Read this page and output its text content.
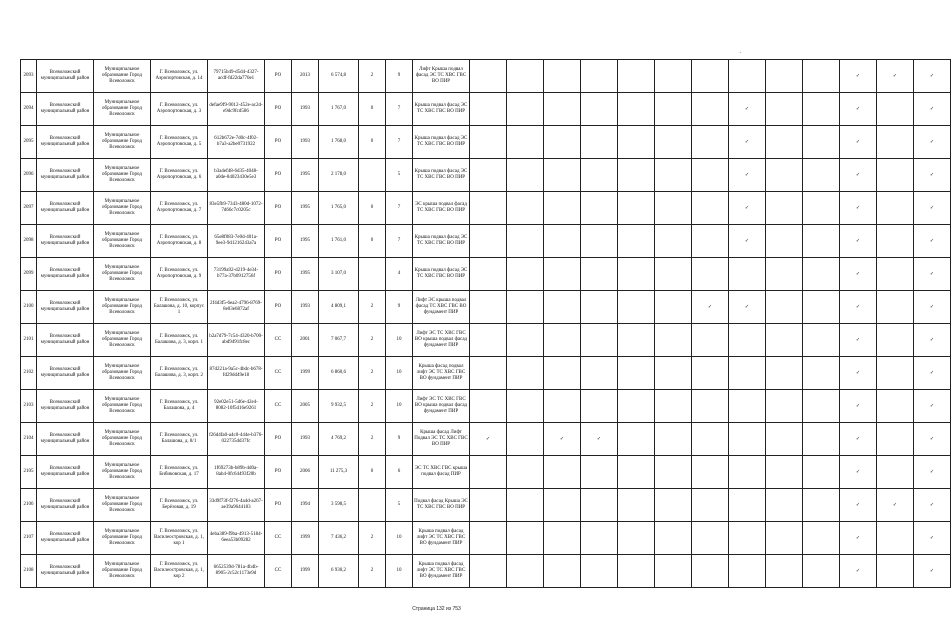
.
2093	Всеволожский муниципальный район	Муниципальное образование Город Всеволожск	Г. Всеволожск, ул. Аэропортовская, д. 14	79715b49-d5d4-4327-acdf-fd22da770e1	РО	2013	6 574,8	2	9	Лифт Крыша подвал фасад ЭС ТС ХВС ГВС ВО ПИР											✓	✓	✓
2094	Всеволожский муниципальный район	Муниципальное образование Город Всеволожск	Г. Всеволожск, ул. Аэропортовская, д. 3	defae9f9-9012-452e-ac2d-e9dc9fcd586	РО	1993	1 767,0	0	7	Крыша подвал фасад ЭС ТС ХВС ГВС ВО ПИР								✓			✓		✓
2095	Всеволожский муниципальный район	Муниципальное образование Город Всеволожск	Г. Всеволожск, ул. Аэропортовская, д. 5	612b672e-7d0c-4f02-b7a3-a2be0731922	РО	1993	1 768,0	0	7	Крыша подвал фасад ЭС ТС ХВС ГВС ВО ПИР								✓			✓		✓
2096	Всеволожский муниципальный район	Муниципальное образование Город Всеволожск	Г. Всеволожск, ул. Аэропортовская, д. 6	b3a4ef48-6d35-4048-a0de-84023430e5e3	РО	1995	2 178,0		5	Крыша подвал фасад ЭС ТС ХВС ГВС ВО ПИР								✓			✓		✓
2097	Всеволожский муниципальный район	Муниципальное образование Город Всеволожск	Г. Всеволожск, ул. Аэропортовская, д. 7	83e5fb9-7343-480d-1072-7d66c7c0205c	РО	1995	1 765,0	0	7	ЭС крыша подвал фасад ТС ХВС ГВС ВО ПИР								✓			✓		✓
2098	Всеволожский муниципальный район	Муниципальное образование Город Всеволожск	Г. Всеволожск, ул. Аэропортовская, д. 8	65e8f083-7e0d-401a-9ee3-9d1216243a7a	РО	1995	1 761,0	0	7	Крыша подвал фасад ЭС ТС ХВС ГВС ВО ПИР								✓			✓		✓
2099	Всеволожский муниципальный район	Муниципальное образование Город Всеволожск	Г. Всеволожск, ул. Аэропортовская, д. 9	73199a92-d219-4e34-b77a-37b0912756f	РО	1995	3 107,0		4	Крыша подвал фасад ЭС ТС ХВС ГВС ВО ПИР											✓		✓
2100	Всеволожский муниципальный район	Муниципальное образование Город Всеволожск	Г. Всеволожск, ул. Балашова, д. 10, корпус 1	2f4d3f5-6ea2-4796-8769-8e03e6872af	РО	1993	4 809,1	2	9	Лифт ЭС крыша подвал фасад ТС ХВС ГВС ВО фундамент ПИР							✓	✓			✓		✓
2101	Всеволожский муниципальный район	Муниципальное образование Город Всеволожск	Г. Всеволожск, ул. Балашова, д. 3, корп. 1	b2a7d79-7c54-4320-b700-abd9491fc8ec	СС	2001	7 067,7	2	10	Лифт ЭС ТС ХВС ГВС ВО крыша подвал фасад фундамент ПИР											✓		✓
2102	Всеволожский муниципальный район	Муниципальное образование Город Всеволожск	Г. Всеволожск, ул. Балашова, д. 3, корп. 2	87d221a-9a5c-4bdc-b678-fd29dd49e18	СС	1999	6 860,6	2	10	Крыша фасад подвал лифт ЭС ТС ХВС ГВС ВО фундамент ПИР											✓		✓
2103	Всеволожский муниципальный район	Муниципальное образование Город Всеволожск	Г. Всеволожск, ул. Балашова, д. 4	92e02e51-5d6e-42e4-8082-10f5d16e9261	СС	2005	9 932,5	2	10	Лифт ЭС ТС ХВС ГВС ВО крыша подвал фасад фундамент ПИР											✓		✓
2104	Всеволожский муниципальный район	Муниципальное образование Город Всеволожск	Г. Всеволожск, ул. Балашова, д. 8/1	f26d4fa0-a4c0-444e-b376-022735dd37fc	РО	1993	4 769,2	2	9	Крыша фасад Лифт Подвал ЭС ТС ХВС ГВС ВО ПИР	✓		✓	✓							✓		✓
2105	Всеволожский муниципальный район	Муниципальное образование Город Всеволожск	Г. Всеволожск, ул. Бибиковская, д. 17	1f69273b-b89b-4d0a-8ab4-0fc64493f20b	РО	2006	11 275,3	0	6	ЭС ТС ХВС ГВС крыша подвал фасад ПИР											✓		✓
2106	Всеволожский муниципальный район	Муниципальное образование Город Всеволожск	Г. Всеволожск, ул. Берёзовая, д. 19	33d9f73f-f276-4a4d-a267-ae39a9644183	РО	1994	3 598,5		5	Подвал фасад Крыша ЭС ТС ХВС ГВС ВО ПИР											✓	✓	✓
2107	Всеволожский муниципальный район	Муниципальное образование Город Всеволожск	Г. Всеволожск, ул. Василеостровская, д. 1, кор 1	4eba389-f9ba-4913-5184-6eea53b09282	СС	1999	7 436,2	2	10	Крыша подвал фасад лифт ЭС ТС ХВС ГВС ВО фундамент ПИР											✓		✓
2108	Всеволожский муниципальный район	Муниципальное образование Город Всеволожск	Г. Всеволожск, ул. Василеостровская, д. 1, кор 2	6652539d-781a-4b4b-8905-2c52c1173e9d	СС	1999	6 930,2	2	10	Крыша подвал фасад лифт ЭС ТС ХВС ГВС ВО фундамент ПИР											✓		✓
Страница 132 из 753
